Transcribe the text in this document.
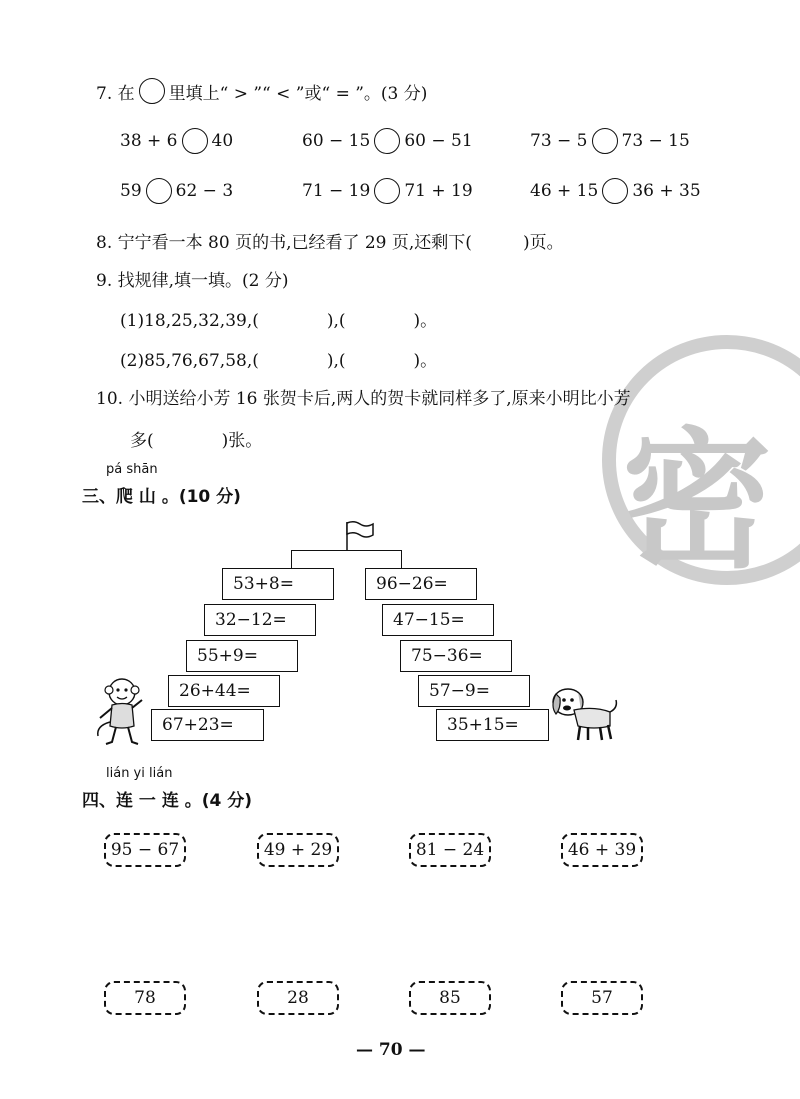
密
7. 在 里填上“ > ”“ < ”或“ = ”。(3 分)
38 + 6 40	60 − 15 60 − 51	73 − 5 73 − 15
59 62 − 3	71 − 19 71 + 19	46 + 15 36 + 35
8. 宁宁看一本 80 页的书,已经看了 29 页,还剩下(　　　)页。
9. 找规律,填一填。(2 分)
(1)18,25,32,39,(　　　　),(　　　　)。
(2)85,76,67,58,(　　　　),(　　　　)。
10. 小明送给小芳 16 张贺卡后,两人的贺卡就同样多了,原来小明比小芳
多(　　　　)张。
pá shān
三、爬 山 。(10 分)
53+8=
32−12=
55+9=
26+44=
67+23=
96−26=
47−15=
75−36=
57−9=
35+15=
lián yi lián
四、连 一 连 。(4 分)
95 − 67	49 + 29	81 − 24	46 + 39
78	28	85	57
— 70 —
